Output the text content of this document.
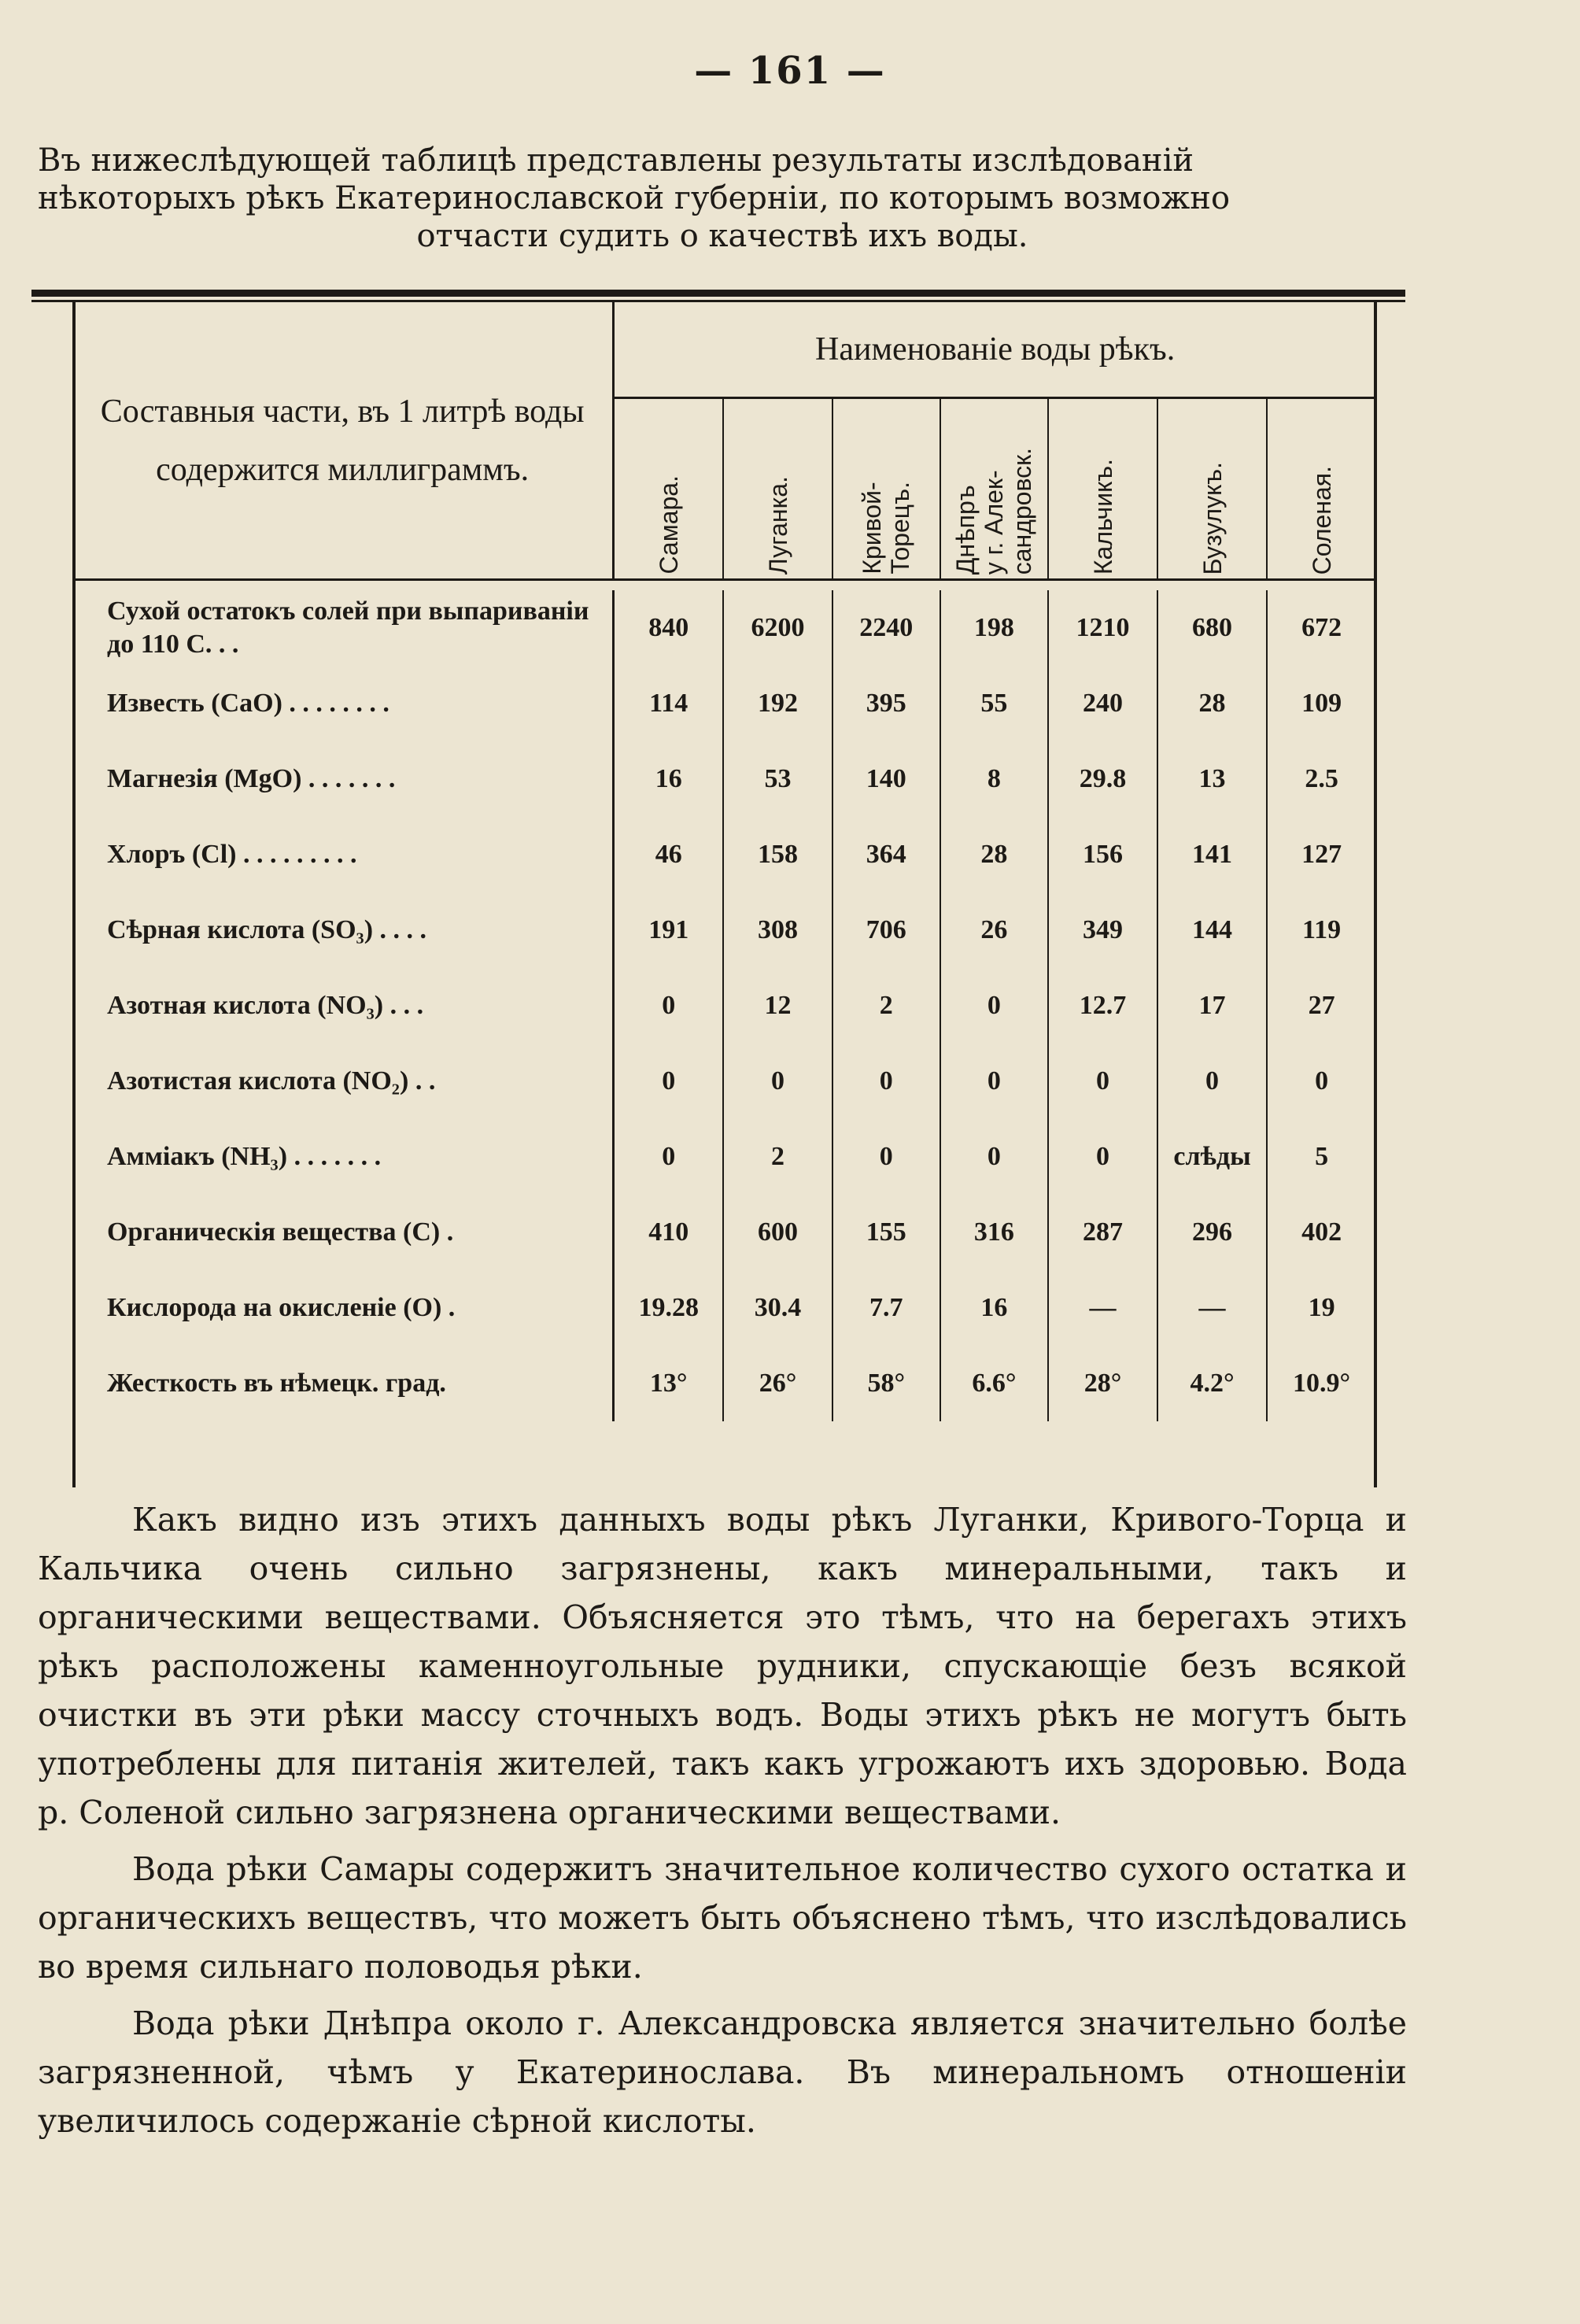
— 161 —
Въ нижеслѣдующей таблицѣ представлены результаты изслѣдованій
нѣкоторыхъ рѣкъ Екатеринославской губерніи, по которымъ возможно
отчасти судить о качествѣ ихъ воды.
Составныя части, въ 1 литрѣ воды содержится миллиграммъ.	Наименованіе воды рѣкъ.						
	Самара.	Луганка.	Кривой-
Торецъ.	Днѣпръ
у г. Алек-
сандровск.	Кальчикъ.	Бузулукъ.	Соленая.

Сухой остатокъ солей при выпариваніи до 110 С. . .	840	6200	2240	198	1210	680	672
Известь (CaO) . . . . . . . .	114	192	395	55	240	28	109
Магнезія (MgO) . . . . . . .	16	53	140	8	29.8	13	2.5
Хлоръ (Cl) . . . . . . . . .	46	158	364	28	156	141	127
Сѣрная кислота (SO₃) . . . .	191	308	706	26	349	144	119
Азотная кислота (NO₃) . . .	0	12	2	0	12.7	17	27
Азотистая кислота (NO₂) . .	0	0	0	0	0	0	0
Амміакъ (NH₃) . . . . . . .	0	2	0	0	0	слѣды	5
Органическія вещества (С) .	410	600	155	316	287	296	402
Кислорода на окисленіе (O) .	19.28	30.4	7.7	16	—	—	19
Жесткость въ нѣмецк. град.	13°	26°	58°	6.6°	28°	4.2°	10.9°

Какъ видно изъ этихъ данныхъ воды рѣкъ Луганки, Кривого-Торца и Кальчика очень сильно загрязнены, какъ минеральными, такъ и органическими веществами. Объясняется это тѣмъ, что на берегахъ этихъ рѣкъ расположены каменноугольные рудники, спускающіе безъ всякой очистки въ эти рѣки массу сточныхъ водъ. Воды этихъ рѣкъ не могутъ быть употреблены для питанія жителей, такъ какъ угрожаютъ ихъ здоровью. Вода р. Соленой сильно загрязнена органическими веществами.

Вода рѣки Самары содержитъ значительное количество сухого остатка и органическихъ веществъ, что можетъ быть объяснено тѣмъ, что изслѣдовались во время сильнаго половодья рѣки.

Вода рѣки Днѣпра около г. Александровска является значительно болѣе загрязненной, чѣмъ у Екатеринослава. Въ минеральномъ отношеніи увеличилось содержаніе сѣрной кислоты.
